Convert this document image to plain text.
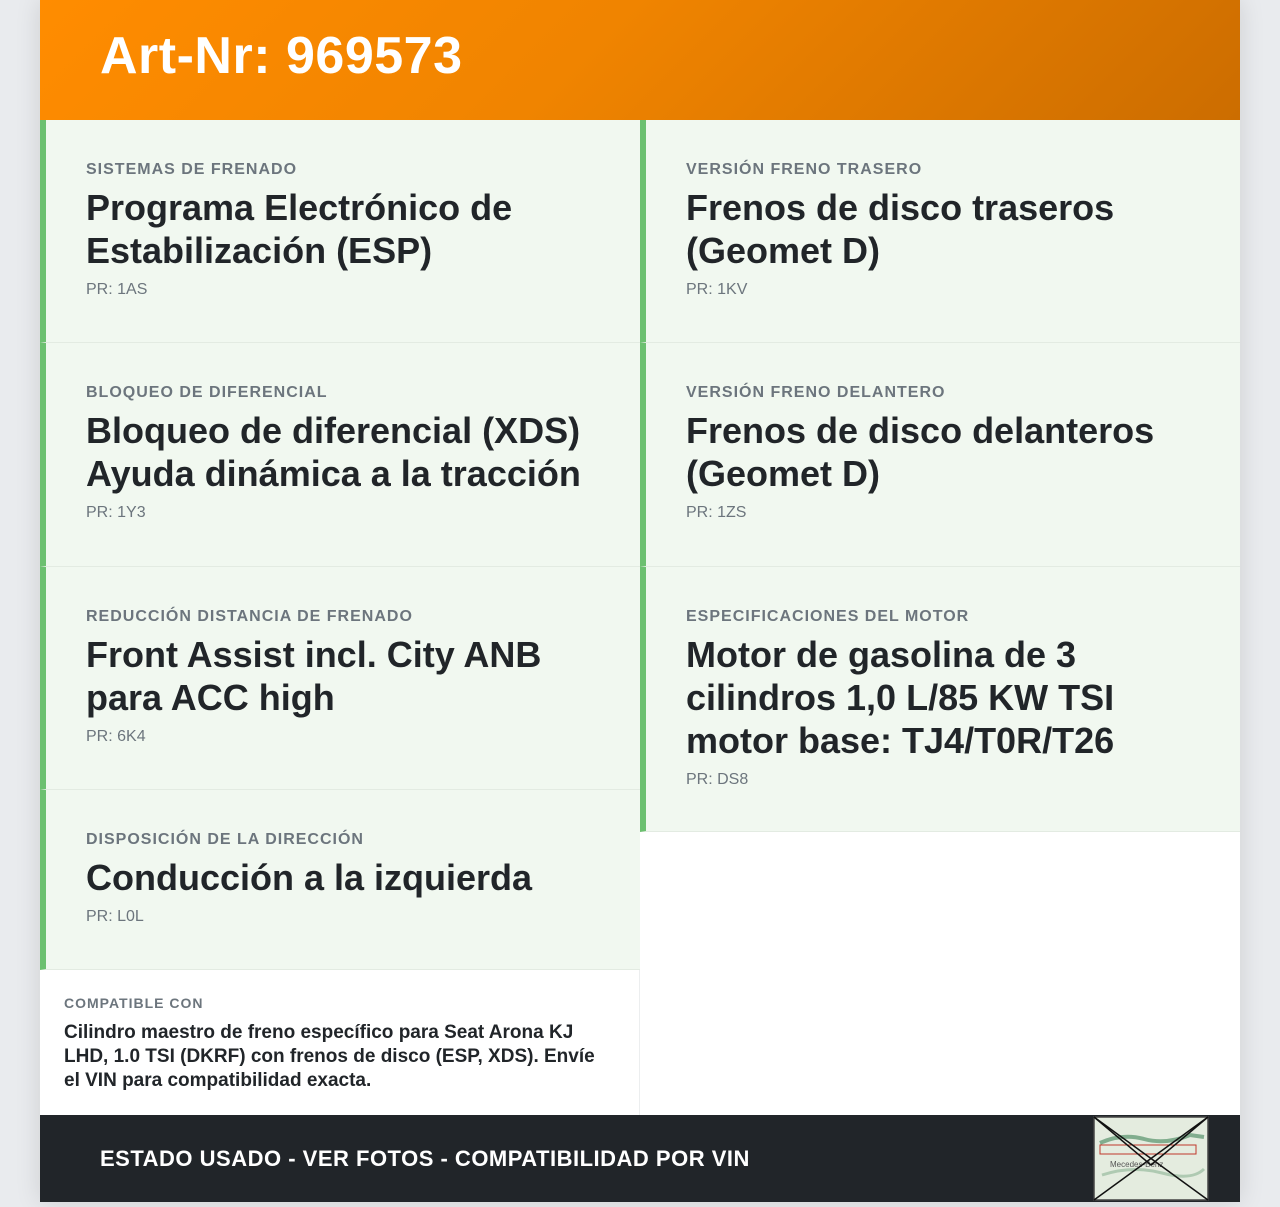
Art-Nr: 969573
SISTEMAS DE FRENADO
Programa Electrónico de Estabilización (ESP)
PR: 1AS
BLOQUEO DE DIFERENCIAL
Bloqueo de diferencial (XDS) Ayuda dinámica a la tracción
PR: 1Y3
REDUCCIÓN DISTANCIA DE FRENADO
Front Assist incl. City ANB para ACC high
PR: 6K4
DISPOSICIÓN DE LA DIRECCIÓN
Conducción a la izquierda
PR: L0L
VERSIÓN FRENO TRASERO
Frenos de disco traseros (Geomet D)
PR: 1KV
VERSIÓN FRENO DELANTERO
Frenos de disco delanteros (Geomet D)
PR: 1ZS
ESPECIFICACIONES DEL MOTOR
Motor de gasolina de 3 cilindros 1,0 L/85 KW TSI motor base: TJ4/T0R/T26
PR: DS8
COMPATIBLE CON
Cilindro maestro de freno específico para Seat Arona KJ LHD, 1.0 TSI (DKRF) con frenos de disco (ESP, XDS). Envíe el VIN para compatibilidad exacta.
ESTADO USADO - VER FOTOS - COMPATIBILIDAD POR VIN	Mecedes-Benz
